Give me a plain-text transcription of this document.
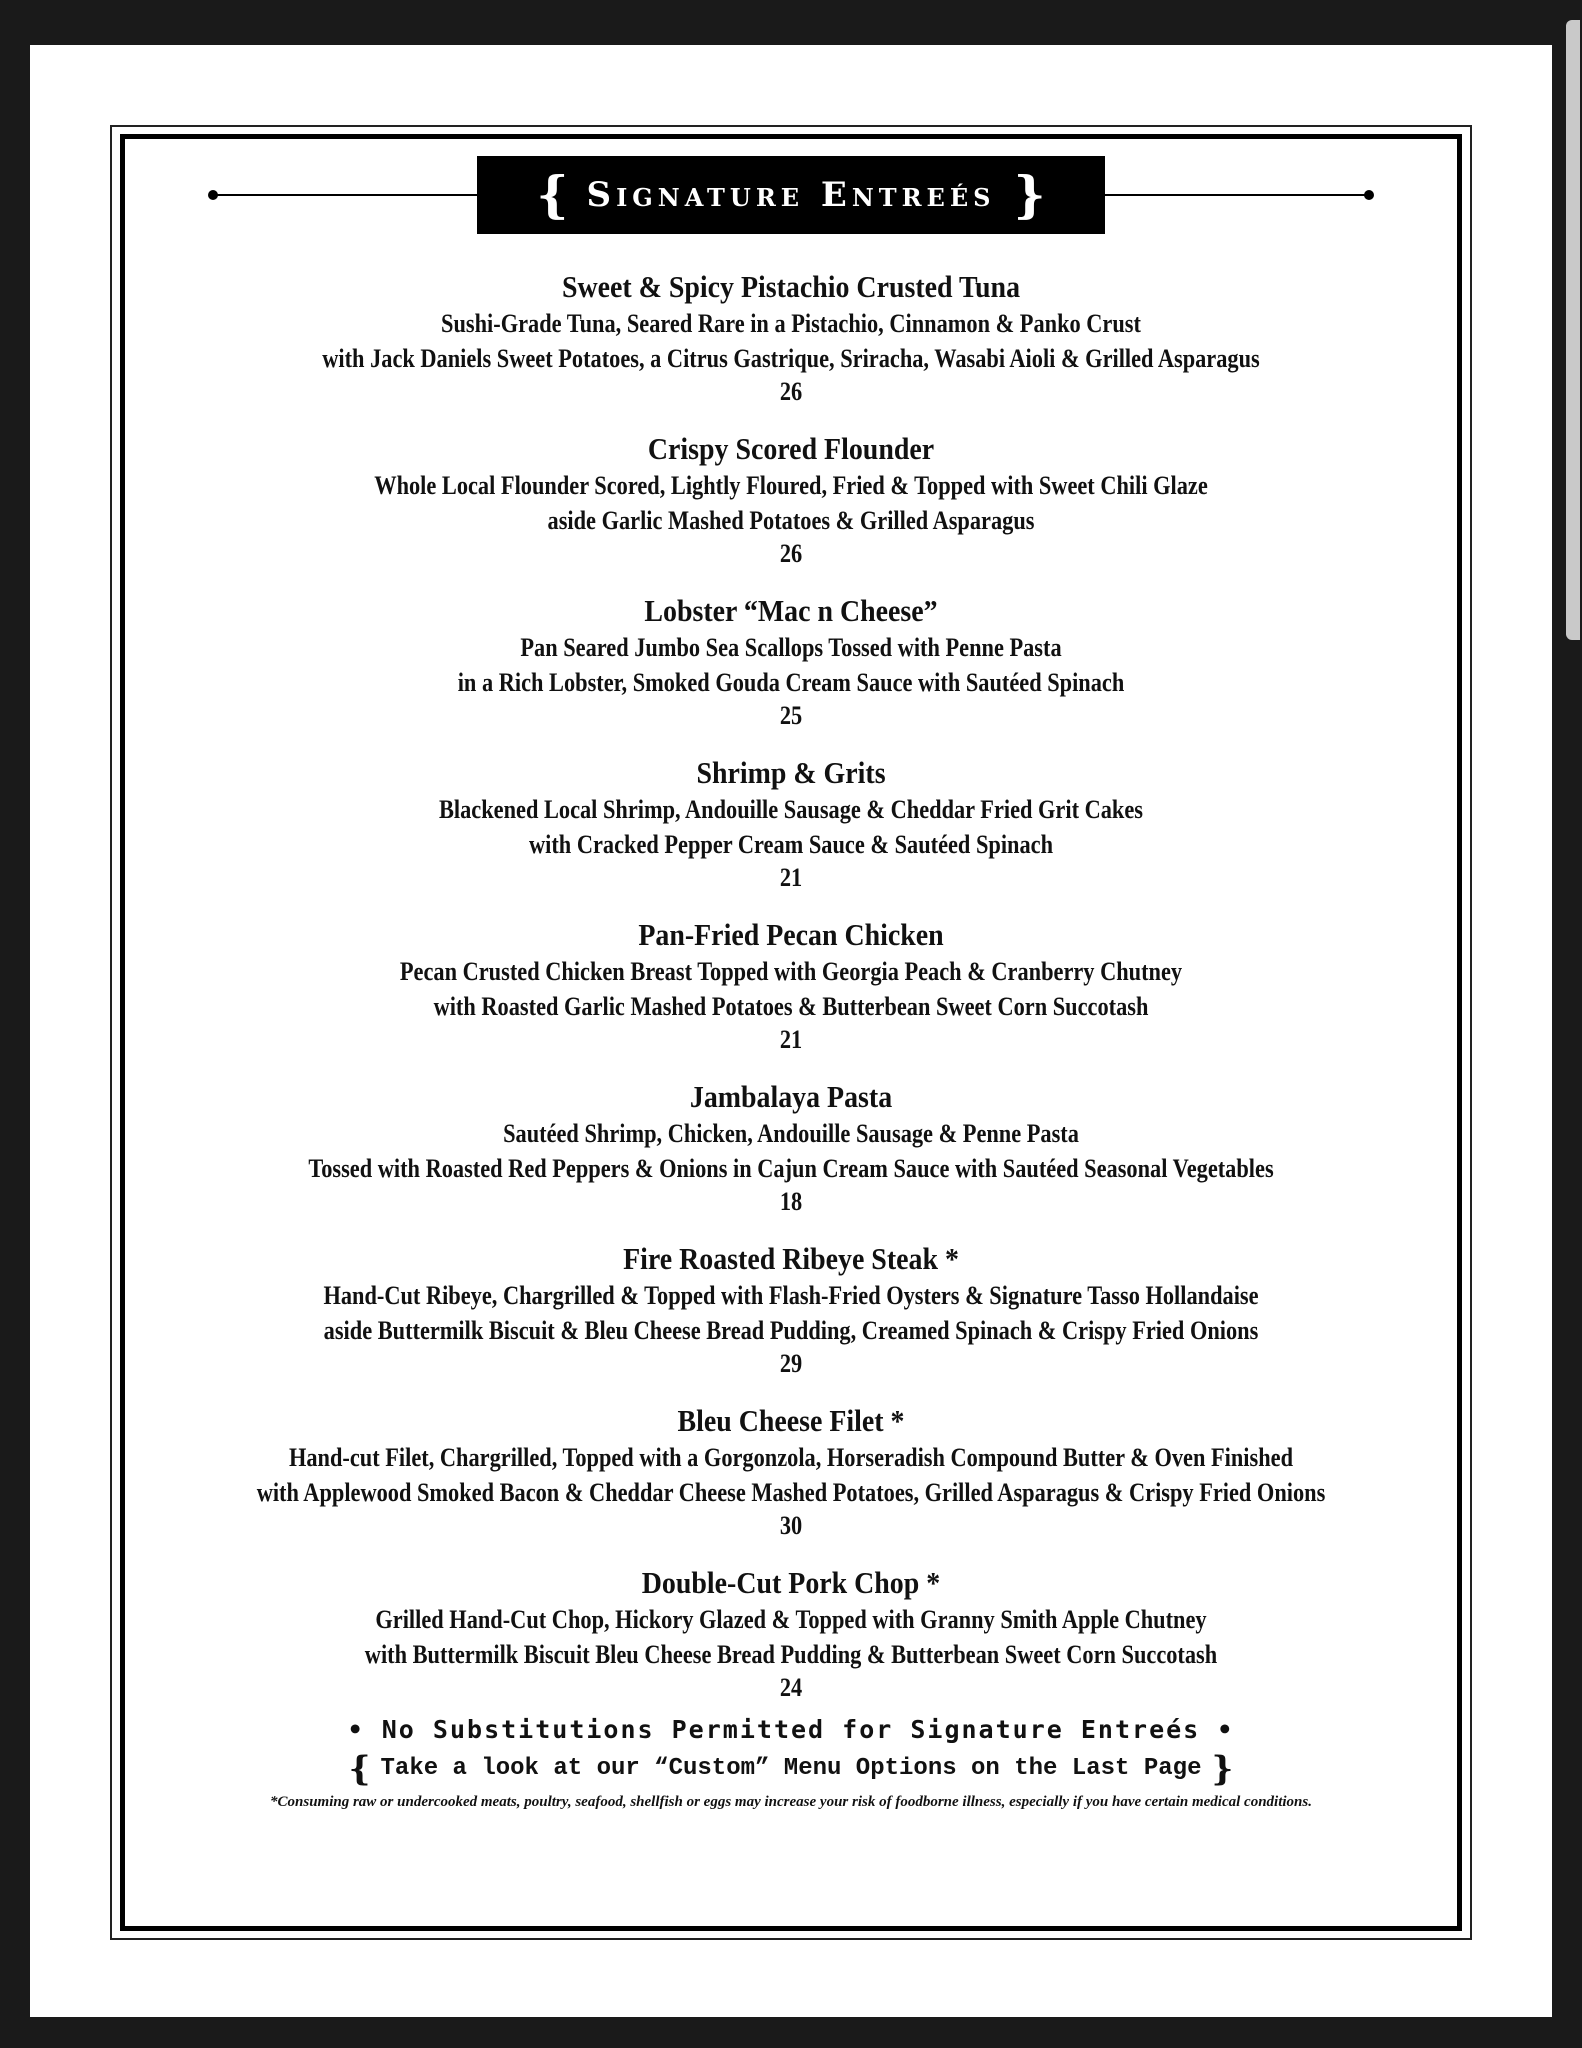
{ Signature Entreés }
Sweet & Spicy Pistachio Crusted Tuna
Sushi-Grade Tuna, Seared Rare in a Pistachio, Cinnamon & Panko Crust
with Jack Daniels Sweet Potatoes, a Citrus Gastrique, Sriracha, Wasabi Aioli & Grilled Asparagus
26
Crispy Scored Flounder
Whole Local Flounder Scored, Lightly Floured, Fried & Topped with Sweet Chili Glaze
aside Garlic Mashed Potatoes & Grilled Asparagus
26
Lobster “Mac n Cheese”
Pan Seared Jumbo Sea Scallops Tossed with Penne Pasta
in a Rich Lobster, Smoked Gouda Cream Sauce with Sautéed Spinach
25
Shrimp & Grits
Blackened Local Shrimp, Andouille Sausage & Cheddar Fried Grit Cakes
with Cracked Pepper Cream Sauce & Sautéed Spinach
21
Pan-Fried Pecan Chicken
Pecan Crusted Chicken Breast Topped with Georgia Peach & Cranberry Chutney
with Roasted Garlic Mashed Potatoes & Butterbean Sweet Corn Succotash
21
Jambalaya Pasta
Sautéed Shrimp, Chicken, Andouille Sausage & Penne Pasta
Tossed with Roasted Red Peppers & Onions in Cajun Cream Sauce with Sautéed Seasonal Vegetables
18
Fire Roasted Ribeye Steak *
Hand-Cut Ribeye, Chargrilled & Topped with Flash-Fried Oysters & Signature Tasso Hollandaise
aside Buttermilk Biscuit & Bleu Cheese Bread Pudding, Creamed Spinach & Crispy Fried Onions
29
Bleu Cheese Filet *
Hand-cut Filet, Chargrilled, Topped with a Gorgonzola, Horseradish Compound Butter & Oven Finished
with Applewood Smoked Bacon & Cheddar Cheese Mashed Potatoes, Grilled Asparagus & Crispy Fried Onions
30
Double-Cut Pork Chop *
Grilled Hand-Cut Chop, Hickory Glazed & Topped with Granny Smith Apple Chutney
with Buttermilk Biscuit Bleu Cheese Bread Pudding & Butterbean Sweet Corn Succotash
24
• No Substitutions Permitted for Signature Entreés •
{ Take a look at our “Custom” Menu Options on the Last Page }
*Consuming raw or undercooked meats, poultry, seafood, shellfish or eggs may increase your risk of foodborne illness, especially if you have certain medical conditions.
